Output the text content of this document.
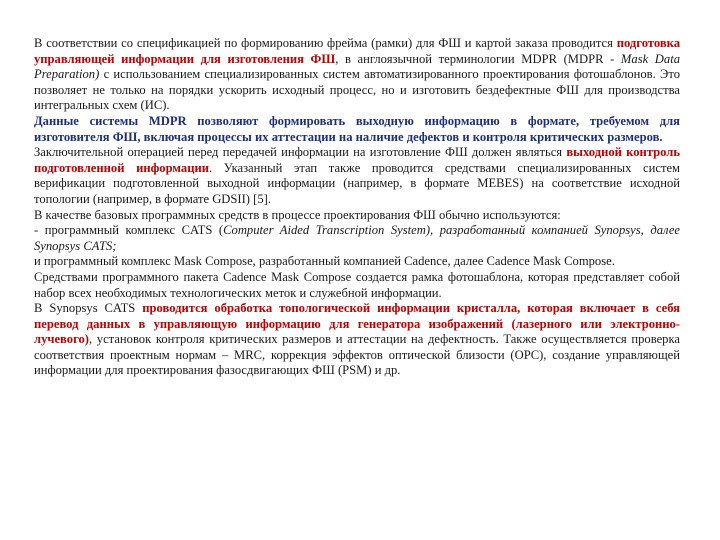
В соответствии со спецификацией по формированию фрейма (рамки) для ФШ и картой заказа проводится подготовка управляющей информации для изготовления ФШ, в англоязычной терминологии MDPR (MDPR - Mask Data Preparation) с использованием специализированных систем автоматизированного проектирования фотошаблонов. Это позволяет не только на порядки ускорить исходный процесс, но и изготовить бездефектные ФШ для производства интегральных схем (ИС).

Данные системы MDPR позволяют формировать выходную информацию в формате, требуемом для изготовителя ФШ, включая процессы их аттестации на наличие дефектов и контроля критических размеров.

Заключительной операцией перед передачей информации на изготовление ФШ должен являться выходной контроль подготовленной информации. Указанный этап также проводится средствами специализированных систем верификации подготовленной выходной информации (например, в формате MEBES) на соответствие исходной топологии (например, в формате GDSII) [5].

В качестве базовых программных средств в процессе проектирования ФШ обычно используются:

- программный комплекс CATS (Computer Aided Transcription System), разработанный компанией Synopsys, далее Synopsys CATS;

и программный комплекс Mask Compose, разработанный компанией Cadence, далее Cadence Mask Compose.

Средствами программного пакета Cadence Mask Compose создается рамка фотошаблона, которая представляет собой набор всех необходимых технологических меток и служебной информации.

В Synopsys CATS проводится обработка топологической информации кристалла, которая включает в себя перевод данных в управляющую информацию для генератора изображений (лазерного или электронно-лучевого), установок контроля критических размеров и аттестации на дефектность. Также осуществляется проверка соответствия проектным нормам – MRC, коррекция эффектов оптической близости (OPC), создание управляющей информации для проектирования фазосдвигающих ФШ (PSM) и др.
